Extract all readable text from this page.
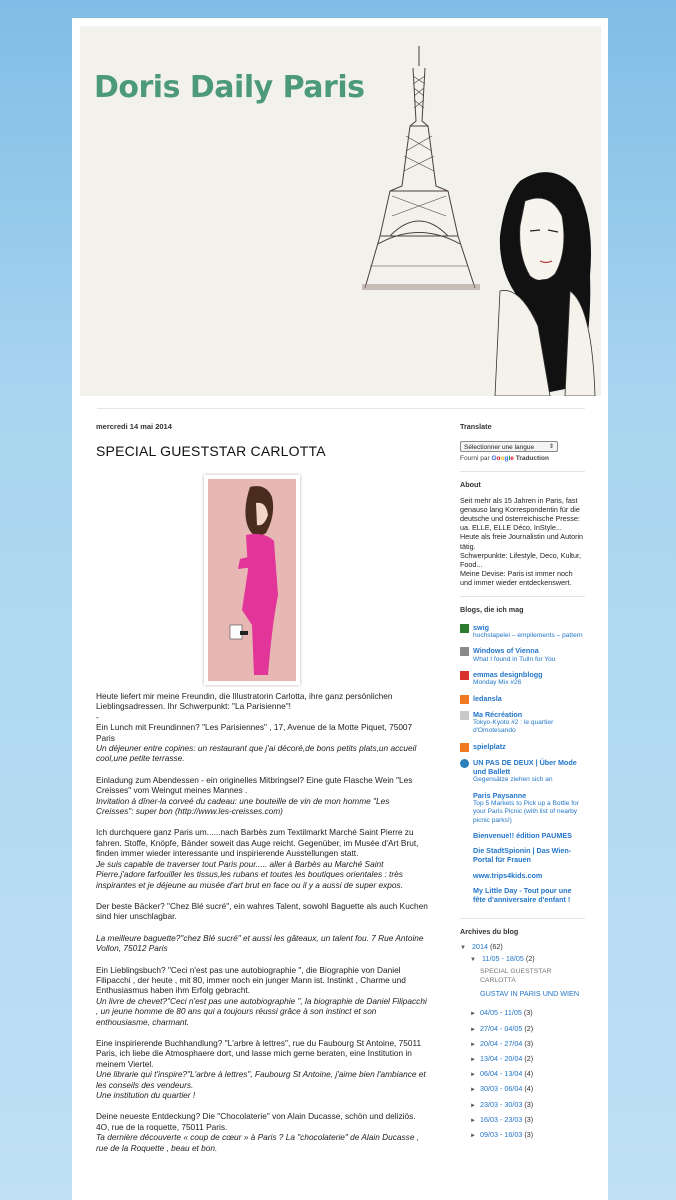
Doris Daily Paris

mercredi 14 mai 2014

SPECIAL GUESTSTAR CARLOTTA

Heute liefert mir meine Freundin, die Illustratorin Carlotta, ihre ganz persönlichen Lieblingsadressen. Ihr Schwerpunkt: "La Parisienne"!
-
Ein Lunch mit Freundinnen? "Les Parisiennes" , 17, Avenue de la Motte Piquet, 75007 Paris
Un déjeuner entre copines: un restaurant que j'ai décoré,de bons petits plats,un accueil cool,une petite terrasse.

Einladung zum Abendessen - ein originelles Mitbringsel? Eine gute Flasche Wein "Les Creisses" vom Weingut meines Mannes .
Invitation à dîner-la corveé du cadeau: une bouteille de vin de mon homme "Les Creisses": super bon (http://www.les-creisses.com)

Ich durchquere ganz Paris um......nach Barbès zum Textilmarkt Marché Saint Pierre zu fahren. Stoffe, Knöpfe, Bänder soweit das Auge reicht. Gegenüber, im Musée d'Art Brut, finden immer wieder interessante und inspirierende Ausstellungen statt.
Je suis capable de traverser tout Paris pour..... aller à Barbès au Marché Saint Pierre.j'adore farfouiller les tissus,les rubans et toutes les boutiques orientales : très inspirantes et je déjeune au musée d'art brut en face ou il y a aussi de super expos.

Der beste Bäcker? "Chez Blé sucré", ein wahres Talent, sowohl Baguette als auch Kuchen sind hier unschlagbar.

La meilleure baguette?"chez Blé sucré" et aussi les gâteaux, un talent fou. 7 Rue Antoine Vollon, 75012 Paris

Ein Lieblingsbuch? "Ceci n'est pas une autobiographie ", die Biographie von Daniel Filipacchi , der heute , mit 80, immer noch ein junger Mann ist. Instinkt , Charme und Enthusiasmus haben ihm Erfolg gebracht.
Un livre de chevet?"Ceci n'est pas une autobiographie ", la biographie de Daniel Filipacchi , un jeune homme de 80 ans qui a toujours réussi grâce à son instinct et son enthousiasme, charmant.

Eine inspirierende Buchhandlung? "L'arbre à lettres", rue du Faubourg St Antoine, 75011 Paris, ich liebe die Atmosphaere dort, und lasse mich gerne beraten, eine Institution in meinem Viertel.
Une librarie qui t'inspire?"L'arbre à lettres", Faubourg St Antoine, j'aime bien l'ambiance et les conseils des vendeurs.
Une institution du quartier !

Deine neueste Entdeckung? Die "Chocolaterie" von Alain Ducasse, schön und deliziös. 4O, rue de la roquette, 75011 Paris.
Ta dernière découverte « coup de cœur » à Paris ? La "chocolaterie" de Alain Ducasse , rue de la Roquette , beau et bon.

Translate

Sélectionner une langue ⇕
Fourni par Google Traduction

About

Seit mehr als 15 Jahren in Paris, fast genauso lang Korrespondentin für die deutsche und österreichische Presse: ua. ELLE, ELLE Déco, InStyle...
Heute als freie Journalistin und Autorin tätig.
Schwerpunkte: Lifestyle, Deco, Kultur, Food...
Meine Devise: Paris ist immer noch und immer wieder entdeckenswert.

Blogs, die ich mag

swig
hochstapelei – empilements – pattern
Windows of Vienna
What I found in Tulln for You
emmas designblogg
Monday Mix #26
ledansla
Ma Récréation
Tokyo-Kyoto #2 : le quartier d'Omotesando
spielplatz
UN PAS DE DEUX | Über Mode und Ballett
Gegensätze ziehen sich an
Paris Paysanne
Top 5 Markets to Pick up a Bottle for your Paris Picnic (with list of nearby picnic parks!)
Bienvenue!! édition PAUMES
Die StadtSpionin | Das Wien-Portal für Frauen
www.trips4kids.com
My Little Day - Tout pour une fête d'anniversaire d'enfant !

Archives du blog

▼ 2014 (62)
▼ 11/05 - 18/05 (2)
SPECIAL GUESTSTAR CARLOTTA
GUSTAV IN PARIS UND WIEN
► 04/05 - 11/05 (3)
► 27/04 - 04/05 (2)
► 20/04 - 27/04 (3)
► 13/04 - 20/04 (2)
► 06/04 - 13/04 (4)
► 30/03 - 06/04 (4)
► 23/03 - 30/03 (3)
► 16/03 - 23/03 (3)
► 09/03 - 16/03 (3)
